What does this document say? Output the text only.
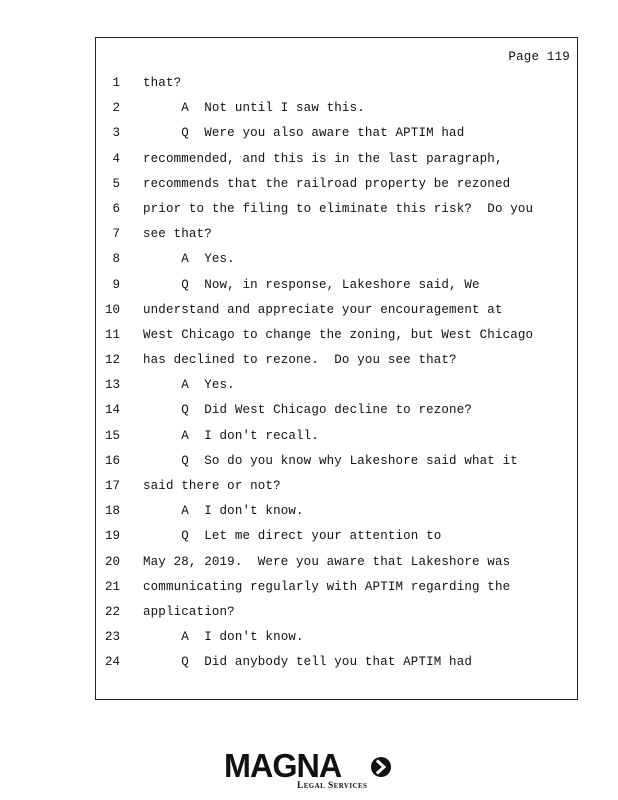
Page 119
1 that?
2 A  Not until I saw this.
3 Q  Were you also aware that APTIM had
4 recommended, and this is in the last paragraph,
5 recommends that the railroad property be rezoned
6 prior to the filing to eliminate this risk?  Do you
7 see that?
8 A  Yes.
9 Q  Now, in response, Lakeshore said, We
10 understand and appreciate your encouragement at
11 West Chicago to change the zoning, but West Chicago
12 has declined to rezone.  Do you see that?
13 A  Yes.
14 Q  Did West Chicago decline to rezone?
15 A  I don't recall.
16 Q  So do you know why Lakeshore said what it
17 said there or not?
18 A  I don't know.
19 Q  Let me direct your attention to
20 May 28, 2019.  Were you aware that Lakeshore was
21 communicating regularly with APTIM regarding the
22 application?
23 A  I don't know.
24 Q  Did anybody tell you that APTIM had
MAGNA
Legal Services
